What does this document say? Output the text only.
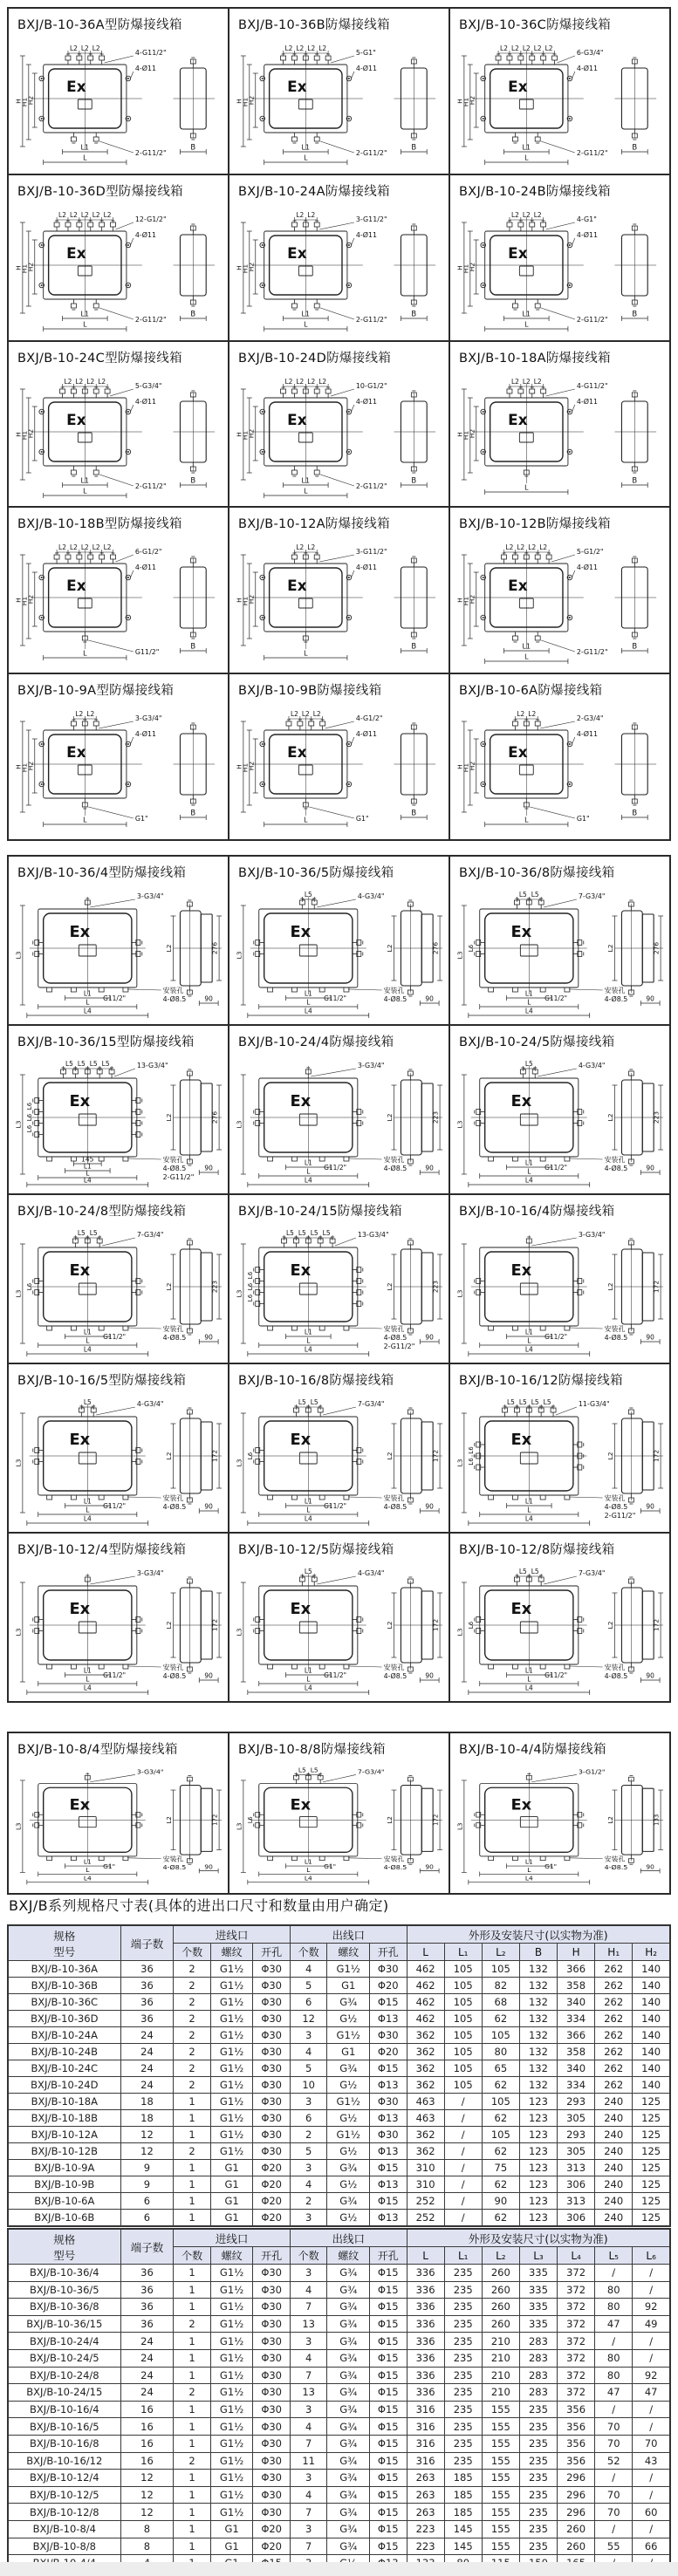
BXJ/B-10-36A型防爆接线箱
H
H1
H2
Ex
L2 L2 L2
4-G11/2"
4-Ø11
L1
L
2-G11/2"
B
BXJ/B-10-36B防爆接线箱
H
H1
H2
Ex
L2 L2 L2 L2
5-G1"
4-Ø11
L1
L
2-G11/2"
B
BXJ/B-10-36C防爆接线箱
H
H1
H2
Ex
L2 L2 L2 L2 L2
6-G3/4"
4-Ø11
L1
L
2-G11/2"
B
BXJ/B-10-36D型防爆接线箱
H
H1
H2
Ex
L2 L2 L2 L2 L2
12-G1/2"
4-Ø11
L1
L
2-G11/2"
B
BXJ/B-10-24A防爆接线箱
H
H1
H2
Ex
L2 L2
3-G11/2"
4-Ø11
L1
L
2-G11/2"
B
BXJ/B-10-24B防爆接线箱
H
H1
H2
Ex
L2 L2 L2
4-G1"
4-Ø11
L1
L
2-G11/2"
B
BXJ/B-10-24C型防爆接线箱
H
H1
H2
Ex
L2 L2 L2 L2
5-G3/4"
4-Ø11
L1
L
2-G11/2"
B
BXJ/B-10-24D防爆接线箱
H
H1
H2
Ex
L2 L2 L2 L2
10-G1/2"
4-Ø11
L1
L
2-G11/2"
B
BXJ/B-10-18A防爆接线箱
H
H1
H2
Ex
L2 L2 L2
4-G11/2"
4-Ø11
L
B
BXJ/B-10-18B型防爆接线箱
H
H1
H2
Ex
L2 L2 L2 L2 L2
6-G1/2"
4-Ø11
L	G11/2"
B
BXJ/B-10-12A防爆接线箱
H
H1
H2
Ex
L2 L2
3-G11/2"
4-Ø11
L
B
BXJ/B-10-12B防爆接线箱
H
H1
H2
Ex
L2 L2 L2 L2
5-G1/2"
4-Ø11
L1
L
2-G11/2"
B
BXJ/B-10-9A型防爆接线箱
H
H1
H2
Ex
L2 L2
3-G3/4"
4-Ø11
L	G1"
B
BXJ/B-10-9B防爆接线箱
H
H1
H2
Ex
L2 L2 L2
4-G1/2"
4-Ø11
L	G1"
B
BXJ/B-10-6A防爆接线箱
H
H1
H2
Ex
L2 L2
2-G3/4"
4-Ø11
L	G1"
B
BXJ/B-10-36/4型防爆接线箱
L3
Ex
3-G3/4"
L1
L
L4
G11/2"
安装孔
4-Ø8.5
L2	276
90
BXJ/B-10-36/5防爆接线箱
L3
Ex
L5	4-G3/4"
L1
L
L4
G11/2"
安装孔
4-Ø8.5
L2	276
90
BXJ/B-10-36/8防爆接线箱
L3
Ex
L5 L5	7-G3/4"
L6
L1
L
L4
G11/2"
安装孔
4-Ø8.5
L2	276
90
BXJ/B-10-36/15型防爆接线箱
L3
Ex
L5 L5 L5 L5	13-G3/4"
L6
L6
L6
145
L1
L
L4
安装孔
4-Ø8.5
2-G11/2"
L2	276
90
BXJ/B-10-24/4防爆接线箱
L3
Ex
3-G3/4"
L1
L
L4
G11/2"
安装孔
4-Ø8.5
L2	223
90
BXJ/B-10-24/5防爆接线箱
L3
Ex
L5	4-G3/4"
L1
L
L4
G11/2"
安装孔
4-Ø8.5
L2	223
90
BXJ/B-10-24/8型防爆接线箱
L3
Ex
L5 L5	7-G3/4"
L6
L1
L
L4
G11/2"
安装孔
4-Ø8.5
L2	223
90
BXJ/B-10-24/15防爆接线箱
L3
Ex
L5 L5 L5 L5	13-G3/4"
L6
L6
L6
L1
L
L4
安装孔
4-Ø8.5
2-G11/2"
L2	223
90
BXJ/B-10-16/4防爆接线箱
L3
Ex
3-G3/4"
L1
L
L4
G11/2"
安装孔
4-Ø8.5
L2	172
90
BXJ/B-10-16/5型防爆接线箱
L3
Ex
L5	4-G3/4"
L1
L
L4
G11/2"
安装孔
4-Ø8.5
L2	172
90
BXJ/B-10-16/8防爆接线箱
L3
Ex
L5 L5	7-G3/4"
L6
L1
L
L4
G11/2"
安装孔
4-Ø8.5
L2	172
90
BXJ/B-10-16/12防爆接线箱
L3
Ex
L5 L5 L5 L5	11-G3/4"
L6
L6
L1
L
L4
安装孔
4-Ø8.5
2-G11/2"
L2	172
90
BXJ/B-10-12/4型防爆接线箱
L3
Ex
3-G3/4"
L1
L
L4
G11/2"
安装孔
4-Ø8.5
L2	172
90
BXJ/B-10-12/5防爆接线箱
L3
Ex
L5	4-G3/4"
L1
L
L4
G11/2"
安装孔
4-Ø8.5
L2	172
90
BXJ/B-10-12/8防爆接线箱
L3
Ex
L5 L5	7-G3/4"
L6
L1
L
L4
G11/2"
安装孔
4-Ø8.5
L2	172
90
BXJ/B-10-8/4型防爆接线箱
L3
Ex
3-G3/4"
L1
L
L4
G1"
安装孔
4-Ø8.5
L2	172
90
BXJ/B-10-8/8防爆接线箱
L3
Ex
L5 L5	7-G3/4"
L6
L1
L
L4
G1"
安装孔
4-Ø8.5
L2	172
90
BXJ/B-10-4/4防爆接线箱
L3
Ex
3-G1/2"
L1
L
L4
G1"
安装孔
4-Ø8.5
L2	133
90
BXJ/B系列规格尺寸表(具体的进出口尺寸和数量由用户确定)
规格
型号	端子数	进线口			出线口			外形及安装尺寸(以实物为准)						
		个数	螺纹	开孔	个数	螺纹	开孔	L	L₁	L₂	B	H	H₁	H₂
BXJ/B-10-36A	36	2	G1½	Φ30	4	G1½	Φ30	462	105	105	132	366	262	140
BXJ/B-10-36B	36	2	G1½	Φ30	5	G1	Φ20	462	105	82	132	358	262	140
BXJ/B-10-36C	36	2	G1½	Φ30	6	G¾	Φ15	462	105	68	132	340	262	140
BXJ/B-10-36D	36	2	G1½	Φ30	12	G½	Φ13	462	105	62	132	334	262	140
BXJ/B-10-24A	24	2	G1½	Φ30	3	G1½	Φ30	362	105	105	132	366	262	140
BXJ/B-10-24B	24	2	G1½	Φ30	4	G1	Φ20	362	105	80	132	358	262	140
BXJ/B-10-24C	24	2	G1½	Φ30	5	G¾	Φ15	362	105	65	132	340	262	140
BXJ/B-10-24D	24	2	G1½	Φ30	10	G½	Φ13	362	105	62	132	334	262	140
BXJ/B-10-18A	18	1	G1½	Φ30	3	G1½	Φ30	463	/	105	123	293	240	125
BXJ/B-10-18B	18	1	G1½	Φ30	6	G½	Φ13	463	/	62	123	305	240	125
BXJ/B-10-12A	12	1	G1½	Φ30	2	G1½	Φ30	362	/	105	123	293	240	125
BXJ/B-10-12B	12	2	G1½	Φ30	5	G½	Φ13	362	/	62	123	305	240	125
BXJ/B-10-9A	9	1	G1	Φ20	3	G¾	Φ15	310	/	75	123	313	240	125
BXJ/B-10-9B	9	1	G1	Φ20	4	G½	Φ13	310	/	62	123	306	240	125
BXJ/B-10-6A	6	1	G1	Φ20	2	G¾	Φ15	252	/	90	123	313	240	125
BXJ/B-10-6B	6	1	G1	Φ20	3	G½	Φ13	252	/	62	123	306	240	125
规格
型号	端子数	进线口			出线口			外形及安装尺寸(以实物为准)						
		个数	螺纹	开孔	个数	螺纹	开孔	L	L₁	L₂	L₃	L₄	L₅	L₆
BXJ/B-10-36/4	36	1	G1½	Φ30	3	G¾	Φ15	336	235	260	335	372	/	/
BXJ/B-10-36/5	36	1	G1½	Φ30	4	G¾	Φ15	336	235	260	335	372	80	/
BXJ/B-10-36/8	36	1	G1½	Φ30	7	G¾	Φ15	336	235	260	335	372	80	92
BXJ/B-10-36/15	36	2	G1½	Φ30	13	G¾	Φ15	336	235	260	335	372	47	49
BXJ/B-10-24/4	24	1	G1½	Φ30	3	G¾	Φ15	336	235	210	283	372	/	/
BXJ/B-10-24/5	24	1	G1½	Φ30	4	G¾	Φ15	336	235	210	283	372	80	/
BXJ/B-10-24/8	24	1	G1½	Φ30	7	G¾	Φ15	336	235	210	283	372	80	92
BXJ/B-10-24/15	24	2	G1½	Φ30	13	G¾	Φ15	336	235	210	283	372	47	47
BXJ/B-10-16/4	16	1	G1½	Φ30	3	G¾	Φ15	316	235	155	235	356	/	/
BXJ/B-10-16/5	16	1	G1½	Φ30	4	G¾	Φ15	316	235	155	235	356	70	/
BXJ/B-10-16/8	16	1	G1½	Φ30	7	G¾	Φ15	316	235	155	235	356	70	70
BXJ/B-10-16/12	16	2	G1½	Φ30	11	G¾	Φ15	316	235	155	235	356	52	43
BXJ/B-10-12/4	12	1	G1½	Φ30	3	G¾	Φ15	263	185	155	235	296	/	/
BXJ/B-10-12/5	12	1	G1½	Φ30	4	G¾	Φ15	263	185	155	235	296	70	/
BXJ/B-10-12/8	12	1	G1½	Φ30	7	G¾	Φ15	263	185	155	235	296	70	60
BXJ/B-10-8/4	8	1	G1	Φ20	3	G¾	Φ15	223	145	155	235	260	/	/
BXJ/B-10-8/8	8	1	G1	Φ20	7	G¾	Φ15	223	145	155	235	260	55	66
